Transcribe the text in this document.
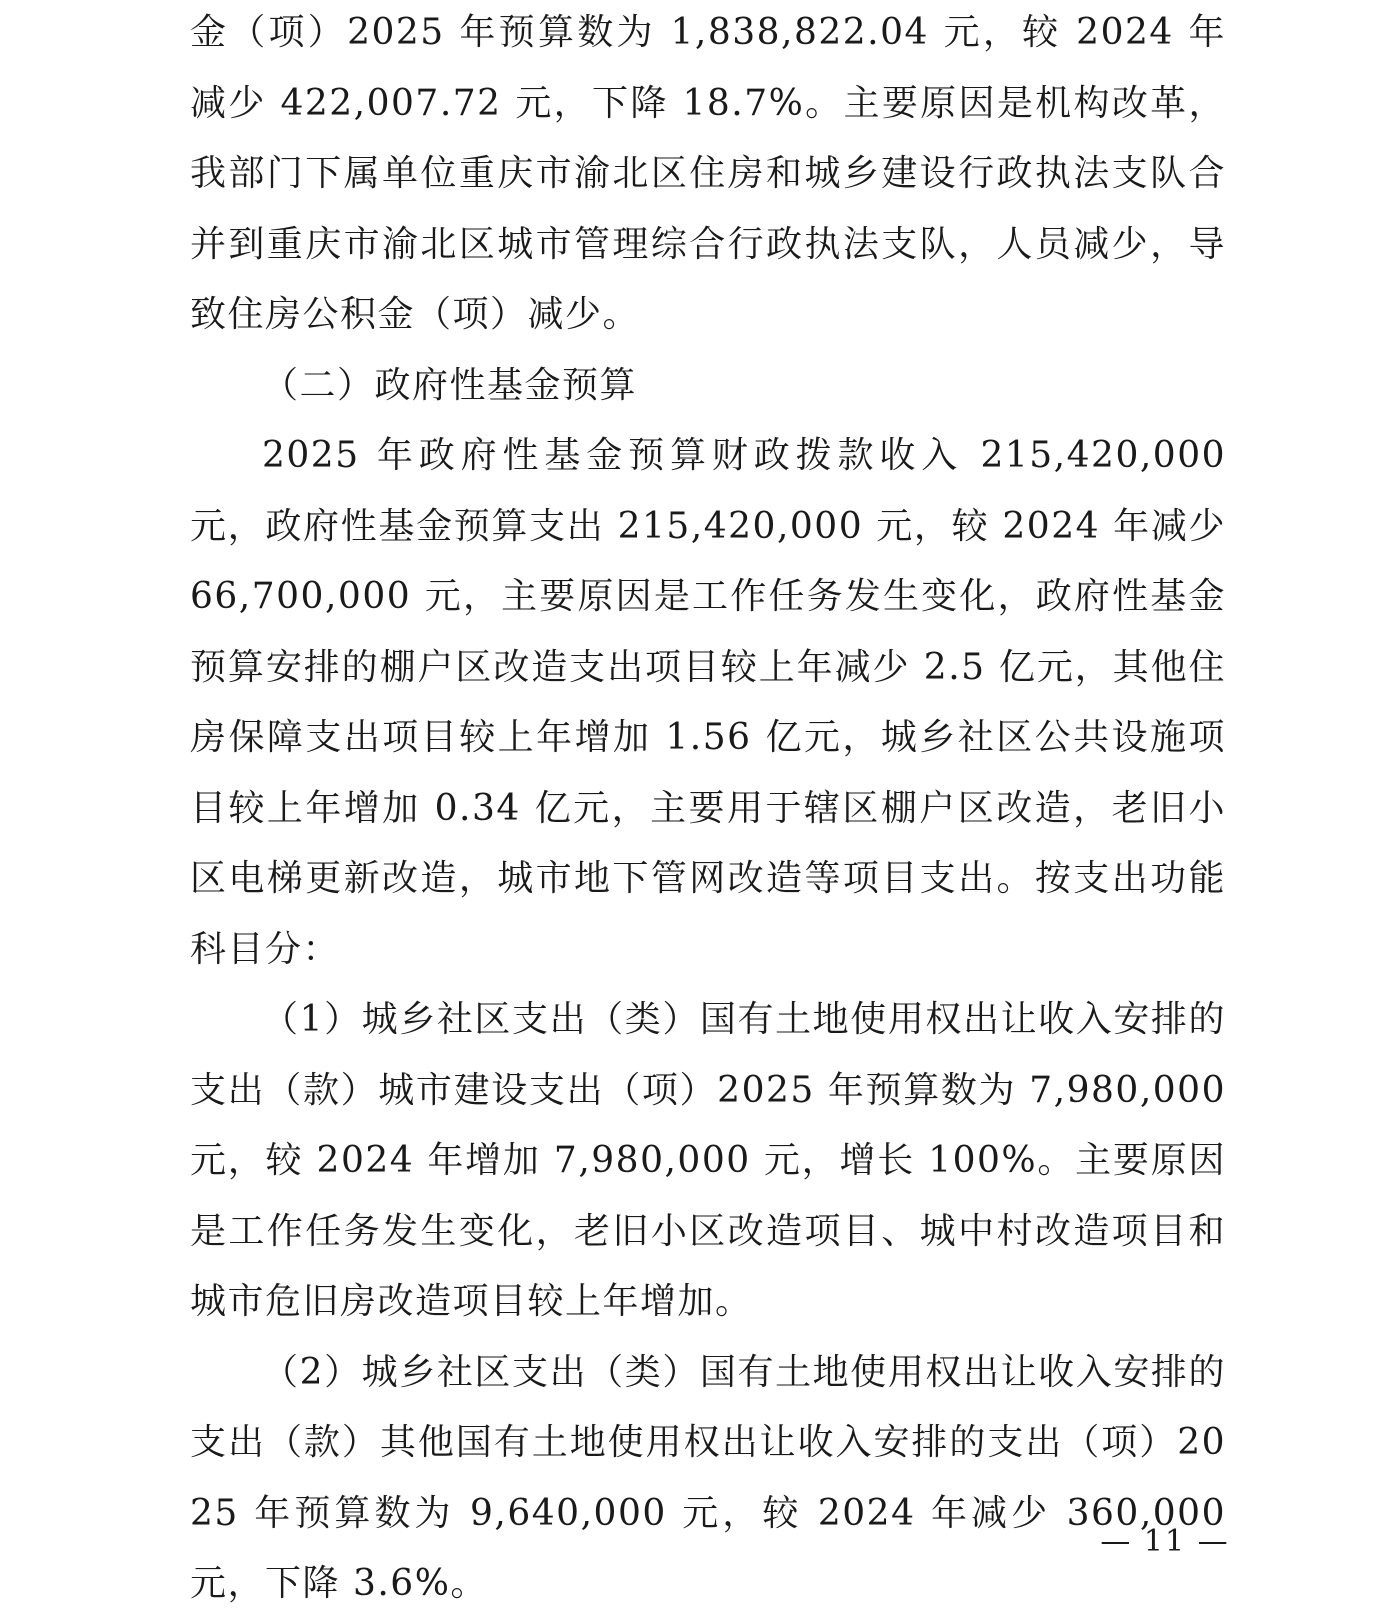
金（项）2025 年预算数为 1,838,822.04 元，较 2024 年减少 422,007.72 元，下降 18.7%。主要原因是机构改革，我部门下属单位重庆市渝北区住房和城乡建设行政执法支队合并到重庆市渝北区城市管理综合行政执法支队，人员减少，导致住房公积金（项）减少。

（二）政府性基金预算

2025 年政府性基金预算财政拨款收入 215,420,000 元，政府性基金预算支出 215,420,000 元，较 2024 年减少 66,700,000 元，主要原因是工作任务发生变化，政府性基金预算安排的棚户区改造支出项目较上年减少 2.5 亿元，其他住房保障支出项目较上年增加 1.56 亿元，城乡社区公共设施项目较上年增加 0.34 亿元，主要用于辖区棚户区改造，老旧小区电梯更新改造，城市地下管网改造等项目支出。按支出功能科目分：

（1）城乡社区支出（类）国有土地使用权出让收入安排的支出（款）城市建设支出（项）2025 年预算数为 7,980,000 元，较 2024 年增加 7,980,000 元，增长 100%。主要原因是工作任务发生变化，老旧小区改造项目、城中村改造项目和城市危旧房改造项目较上年增加。

（2）城乡社区支出（类）国有土地使用权出让收入安排的支出（款）其他国有土地使用权出让收入安排的支出（项）2025 年预算数为 9,640,000 元，较 2024 年减少 360,000 元，下降 3.6%。

— 11 —
